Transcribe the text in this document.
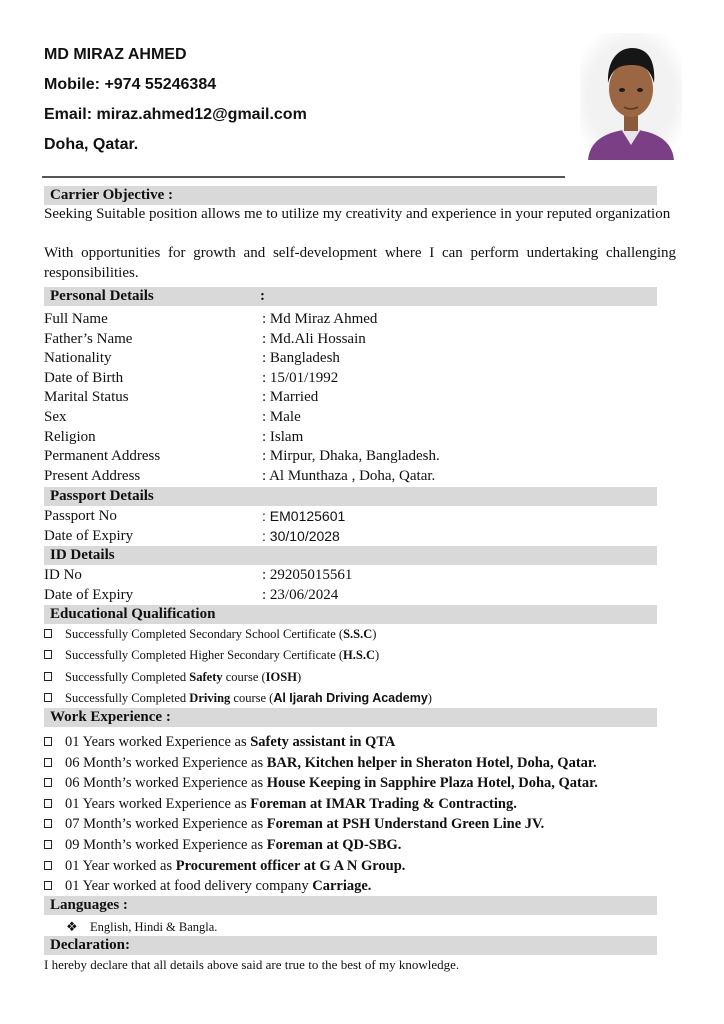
MD MIRAZ AHMED
Mobile: +974 55246384
Email: miraz.ahmed12@gmail.com
Doha, Qatar.
Carrier Objective :
Seeking Suitable position allows me to utilize my creativity and experience in your reputed organization
With opportunities for growth and self-development where I can perform undertaking challenging responsibilities.
Personal Details	:
Full Name	: Md Miraz Ahmed
Father’s Name	: Md.Ali Hossain
Nationality	: Bangladesh
Date of Birth	: 15/01/1992
Marital Status	: Married
Sex	: Male
Religion	: Islam
Permanent Address	: Mirpur, Dhaka, Bangladesh.
Present Address	: Al Munthaza , Doha, Qatar.
Passport Details
Passport No	: EM0125601
Date of Expiry	: 30/10/2028
ID Details
ID No	: 29205015561
Date of Expiry	: 23/06/2024
Educational Qualification
Successfully Completed Secondary School Certificate (S.S.C)
Successfully Completed Higher Secondary Certificate (H.S.C)
Successfully Completed Safety course (IOSH)
Successfully Completed Driving course (Al Ijarah Driving Academy)
Work Experience :
01 Years worked Experience as Safety assistant in QTA
06 Month’s worked Experience as BAR, Kitchen helper in Sheraton Hotel, Doha, Qatar.
06 Month’s worked Experience as House Keeping in Sapphire Plaza Hotel, Doha, Qatar.
01 Years worked Experience as Foreman at IMAR Trading & Contracting.
07 Month’s worked Experience as Foreman at PSH Understand Green Line JV.
09 Month’s worked Experience as Foreman at QD-SBG.
01 Year worked as Procurement officer at G A N Group.
01 Year worked at food delivery company Carriage.
Languages :
❖ English, Hindi & Bangla.
Declaration:
I hereby declare that all details above said are true to the best of my knowledge.
